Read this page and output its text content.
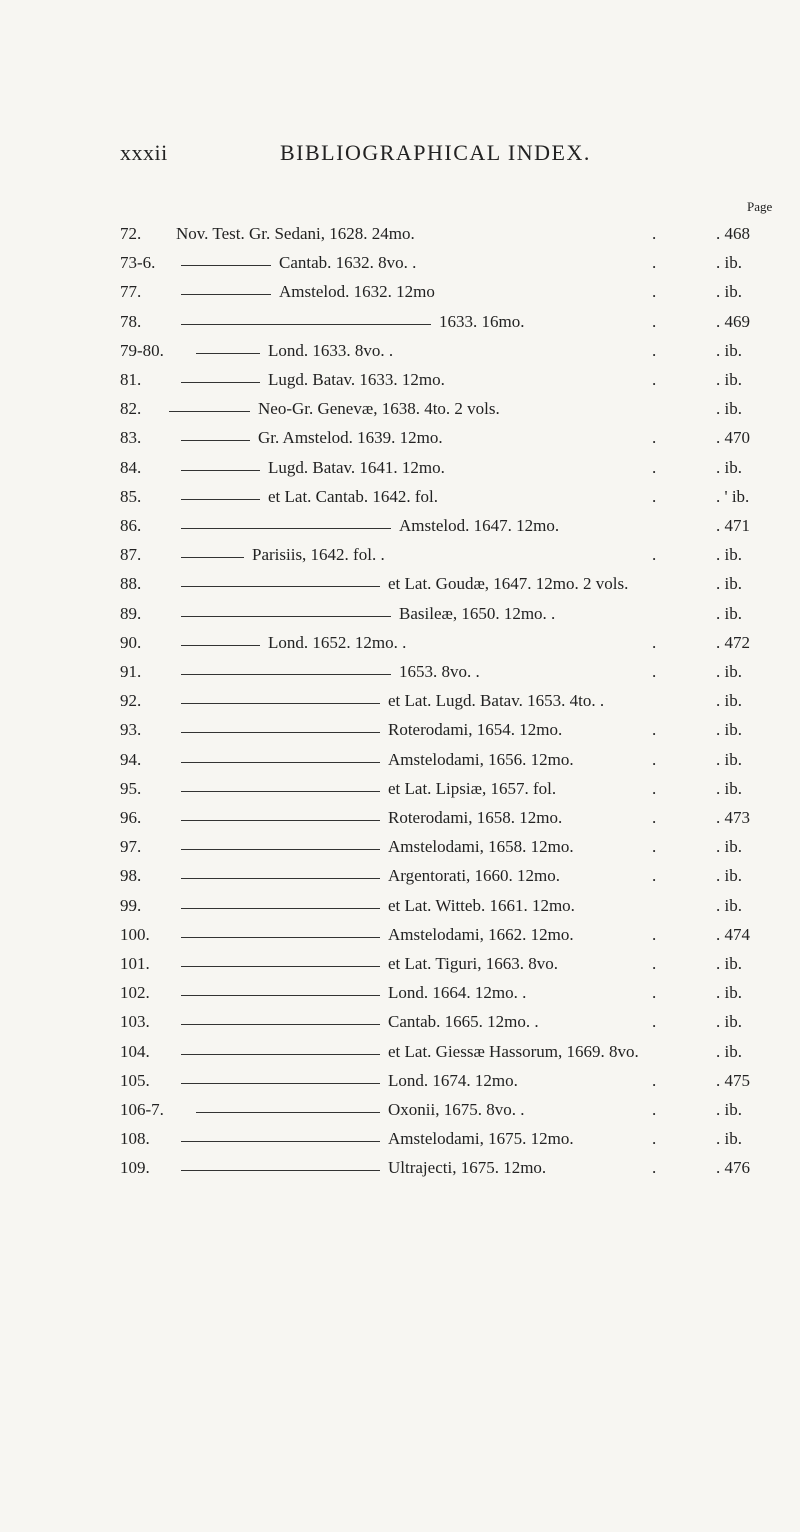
xxxii	BIBLIOGRAPHICAL INDEX.
Page
72. Nov. Test. Gr. Sedani, 1628. 24mo.	.	. 468
73-6.	Cantab. 1632. 8vo. .	.	. ib.
77.	Amstelod. 1632. 12mo	.	. ib.
78.	1633. 16mo.	.	. 469
79-80.	Lond. 1633. 8vo. .	.	. ib.
81.	Lugd. Batav. 1633. 12mo.	.	. ib.
82.	Neo-Gr. Genevæ, 1638. 4to. 2 vols.	. ib.
83.	Gr. Amstelod. 1639. 12mo.	.	. 470
84.	Lugd. Batav. 1641. 12mo.	.	. ib.
85.	et Lat. Cantab. 1642. fol.	.	. ' ib.
86.	Amstelod. 1647. 12mo.	. 471
87.	Parisiis, 1642. fol. .	.	. ib.
88.	et Lat. Goudæ, 1647. 12mo. 2 vols.	. ib.
89.	Basileæ, 1650. 12mo. .	. ib.
90.	Lond. 1652. 12mo. .	.	. 472
91.	1653. 8vo. .	.	. ib.
92.	et Lat. Lugd. Batav. 1653. 4to. .	. ib.
93.	Roterodami, 1654. 12mo.	.	. ib.
94.	Amstelodami, 1656. 12mo.	.	. ib.
95.	et Lat. Lipsiæ, 1657. fol.	.	. ib.
96.	Roterodami, 1658. 12mo.	.	. 473
97.	Amstelodami, 1658. 12mo.	.	. ib.
98.	Argentorati, 1660. 12mo.	.	. ib.
99.	et Lat. Witteb. 1661. 12mo.	. ib.
100.	Amstelodami, 1662. 12mo.	.	. 474
101.	et Lat. Tiguri, 1663. 8vo.	.	. ib.
102.	Lond. 1664. 12mo. .	.	. ib.
103.	Cantab. 1665. 12mo. .	.	. ib.
104.	et Lat. Giessæ Hassorum, 1669. 8vo.	. ib.
105.	Lond. 1674. 12mo.	.	. 475
106-7.	Oxonii, 1675. 8vo. .	.	. ib.
108.	Amstelodami, 1675. 12mo.	.	. ib.
109.	Ultrajecti, 1675. 12mo.	.	. 476
